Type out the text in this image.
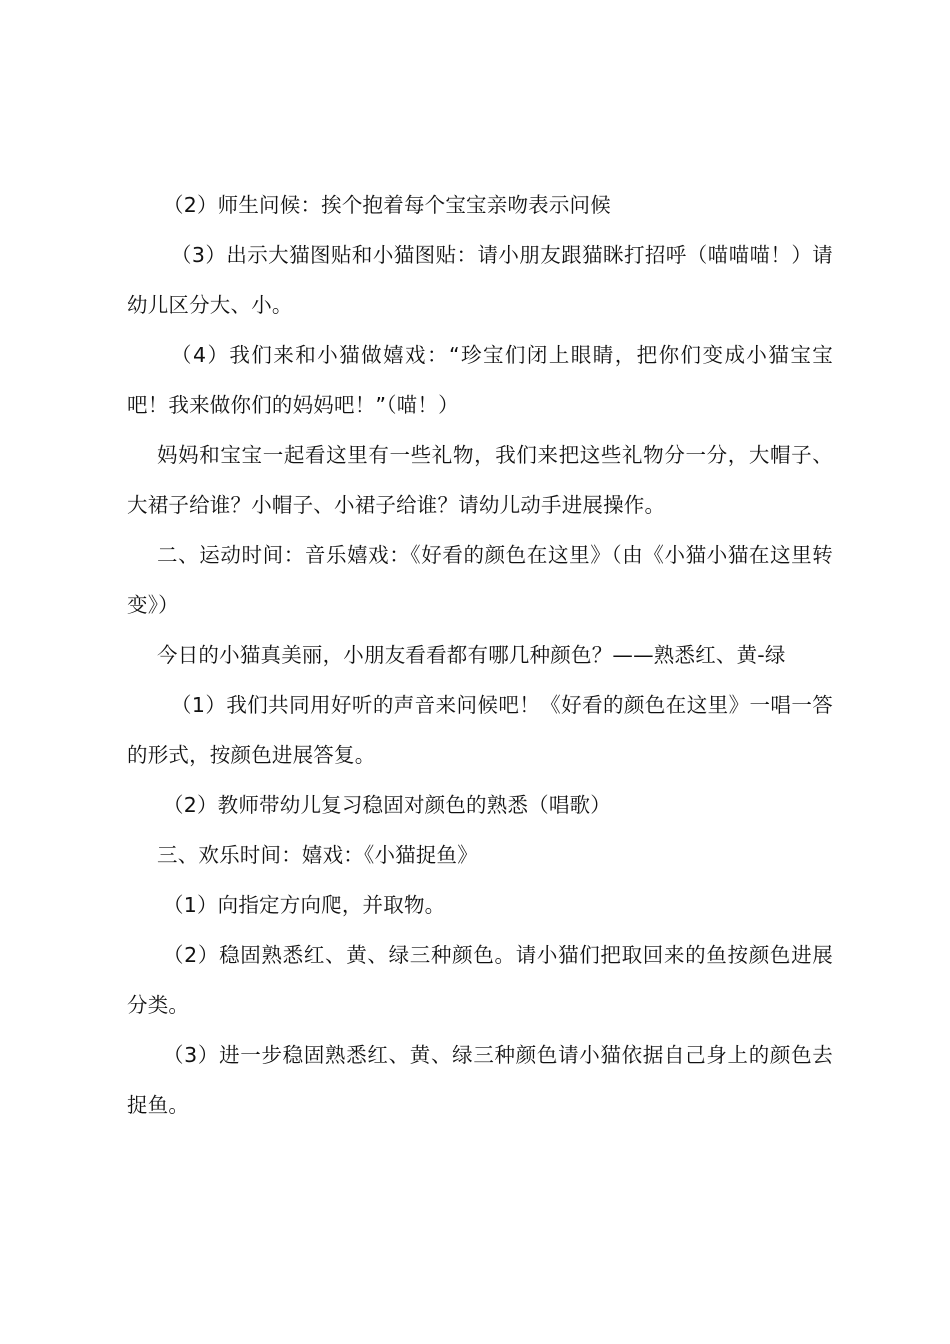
（2）师生问候：挨个抱着每个宝宝亲吻表示问候

（3）出示大猫图贴和小猫图贴：请小朋友跟猫眯打招呼（喵喵喵！）请幼儿区分大、小。

（4）我们来和小猫做嬉戏：“珍宝们闭上眼睛，把你们变成小猫宝宝吧！我来做你们的妈妈吧！”（喵！）

妈妈和宝宝一起看这里有一些礼物，我们来把这些礼物分一分，大帽子、大裙子给谁？小帽子、小裙子给谁？请幼儿动手进展操作。

二、运动时间：音乐嬉戏：《好看的颜色在这里》（由《小猫小猫在这里转变》）

今日的小猫真美丽，小朋友看看都有哪几种颜色？——熟悉红、黄-绿

（1）我们共同用好听的声音来问候吧！《好看的颜色在这里》一唱一答的形式，按颜色进展答复。

（2）教师带幼儿复习稳固对颜色的熟悉（唱歌）

三、欢乐时间：嬉戏：《小猫捉鱼》

（1）向指定方向爬，并取物。

（2）稳固熟悉红、黄、绿三种颜色。请小猫们把取回来的鱼按颜色进展分类。

（3）进一步稳固熟悉红、黄、绿三种颜色请小猫依据自己身上的颜色去捉鱼。
